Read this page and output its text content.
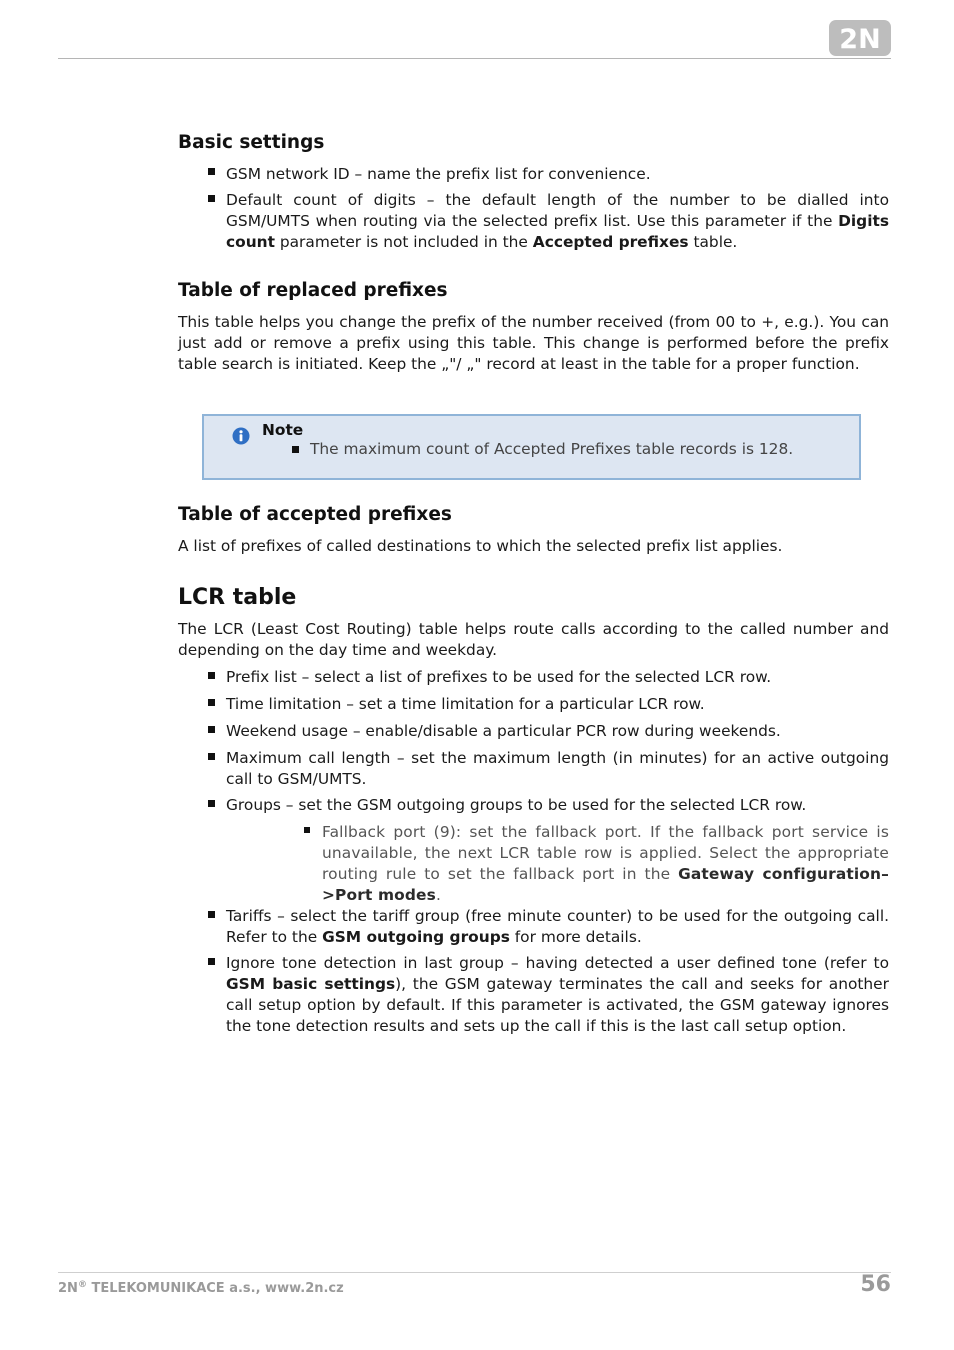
2N
Basic settings
GSM network ID – name the prefix list for convenience.
Default count of digits – the default length of the number to be dialled into GSM/UMTS when routing via the selected prefix list. Use this parameter if the Digits count parameter is not included in the Accepted prefixes table.
Table of replaced prefixes

This table helps you change the prefix of the number received (from 00 to +, e.g.). You can just add or remove a prefix using this table. This change is performed before the prefix table search is initiated. Keep the „"/ „" record at least in the table for a proper function.

Note
The maximum count of Accepted Prefixes table records is 128.
Table of accepted prefixes

A list of prefixes of called destinations to which the selected prefix list applies.

LCR table

The LCR (Least Cost Routing) table helps route calls according to the called number and depending on the day time and weekday.

Prefix list – select a list of prefixes to be used for the selected LCR row.
Time limitation – set a time limitation for a particular LCR row.
Weekend usage – enable/disable a particular PCR row during weekends.
Maximum call length – set the maximum length (in minutes) for an active outgoing call to GSM/UMTS.
Groups – set the GSM outgoing groups to be used for the selected LCR row.
Fallback port (9): set the fallback port. If the fallback port service is unavailable, the next LCR table row is applied. Select the appropriate routing rule to set the fallback port in the Gateway configuration–>Port modes.
Tariffs – select the tariff group (free minute counter) to be used for the outgoing call. Refer to the GSM outgoing groups for more details.
Ignore tone detection in last group – having detected a user defined tone (refer to GSM basic settings), the GSM gateway terminates the call and seeks for another call setup option by default. If this parameter is activated, the GSM gateway ignores the tone detection results and sets up the call if this is the last call setup option.
2N® TELEKOMUNIKACE a.s., www.2n.cz	56
